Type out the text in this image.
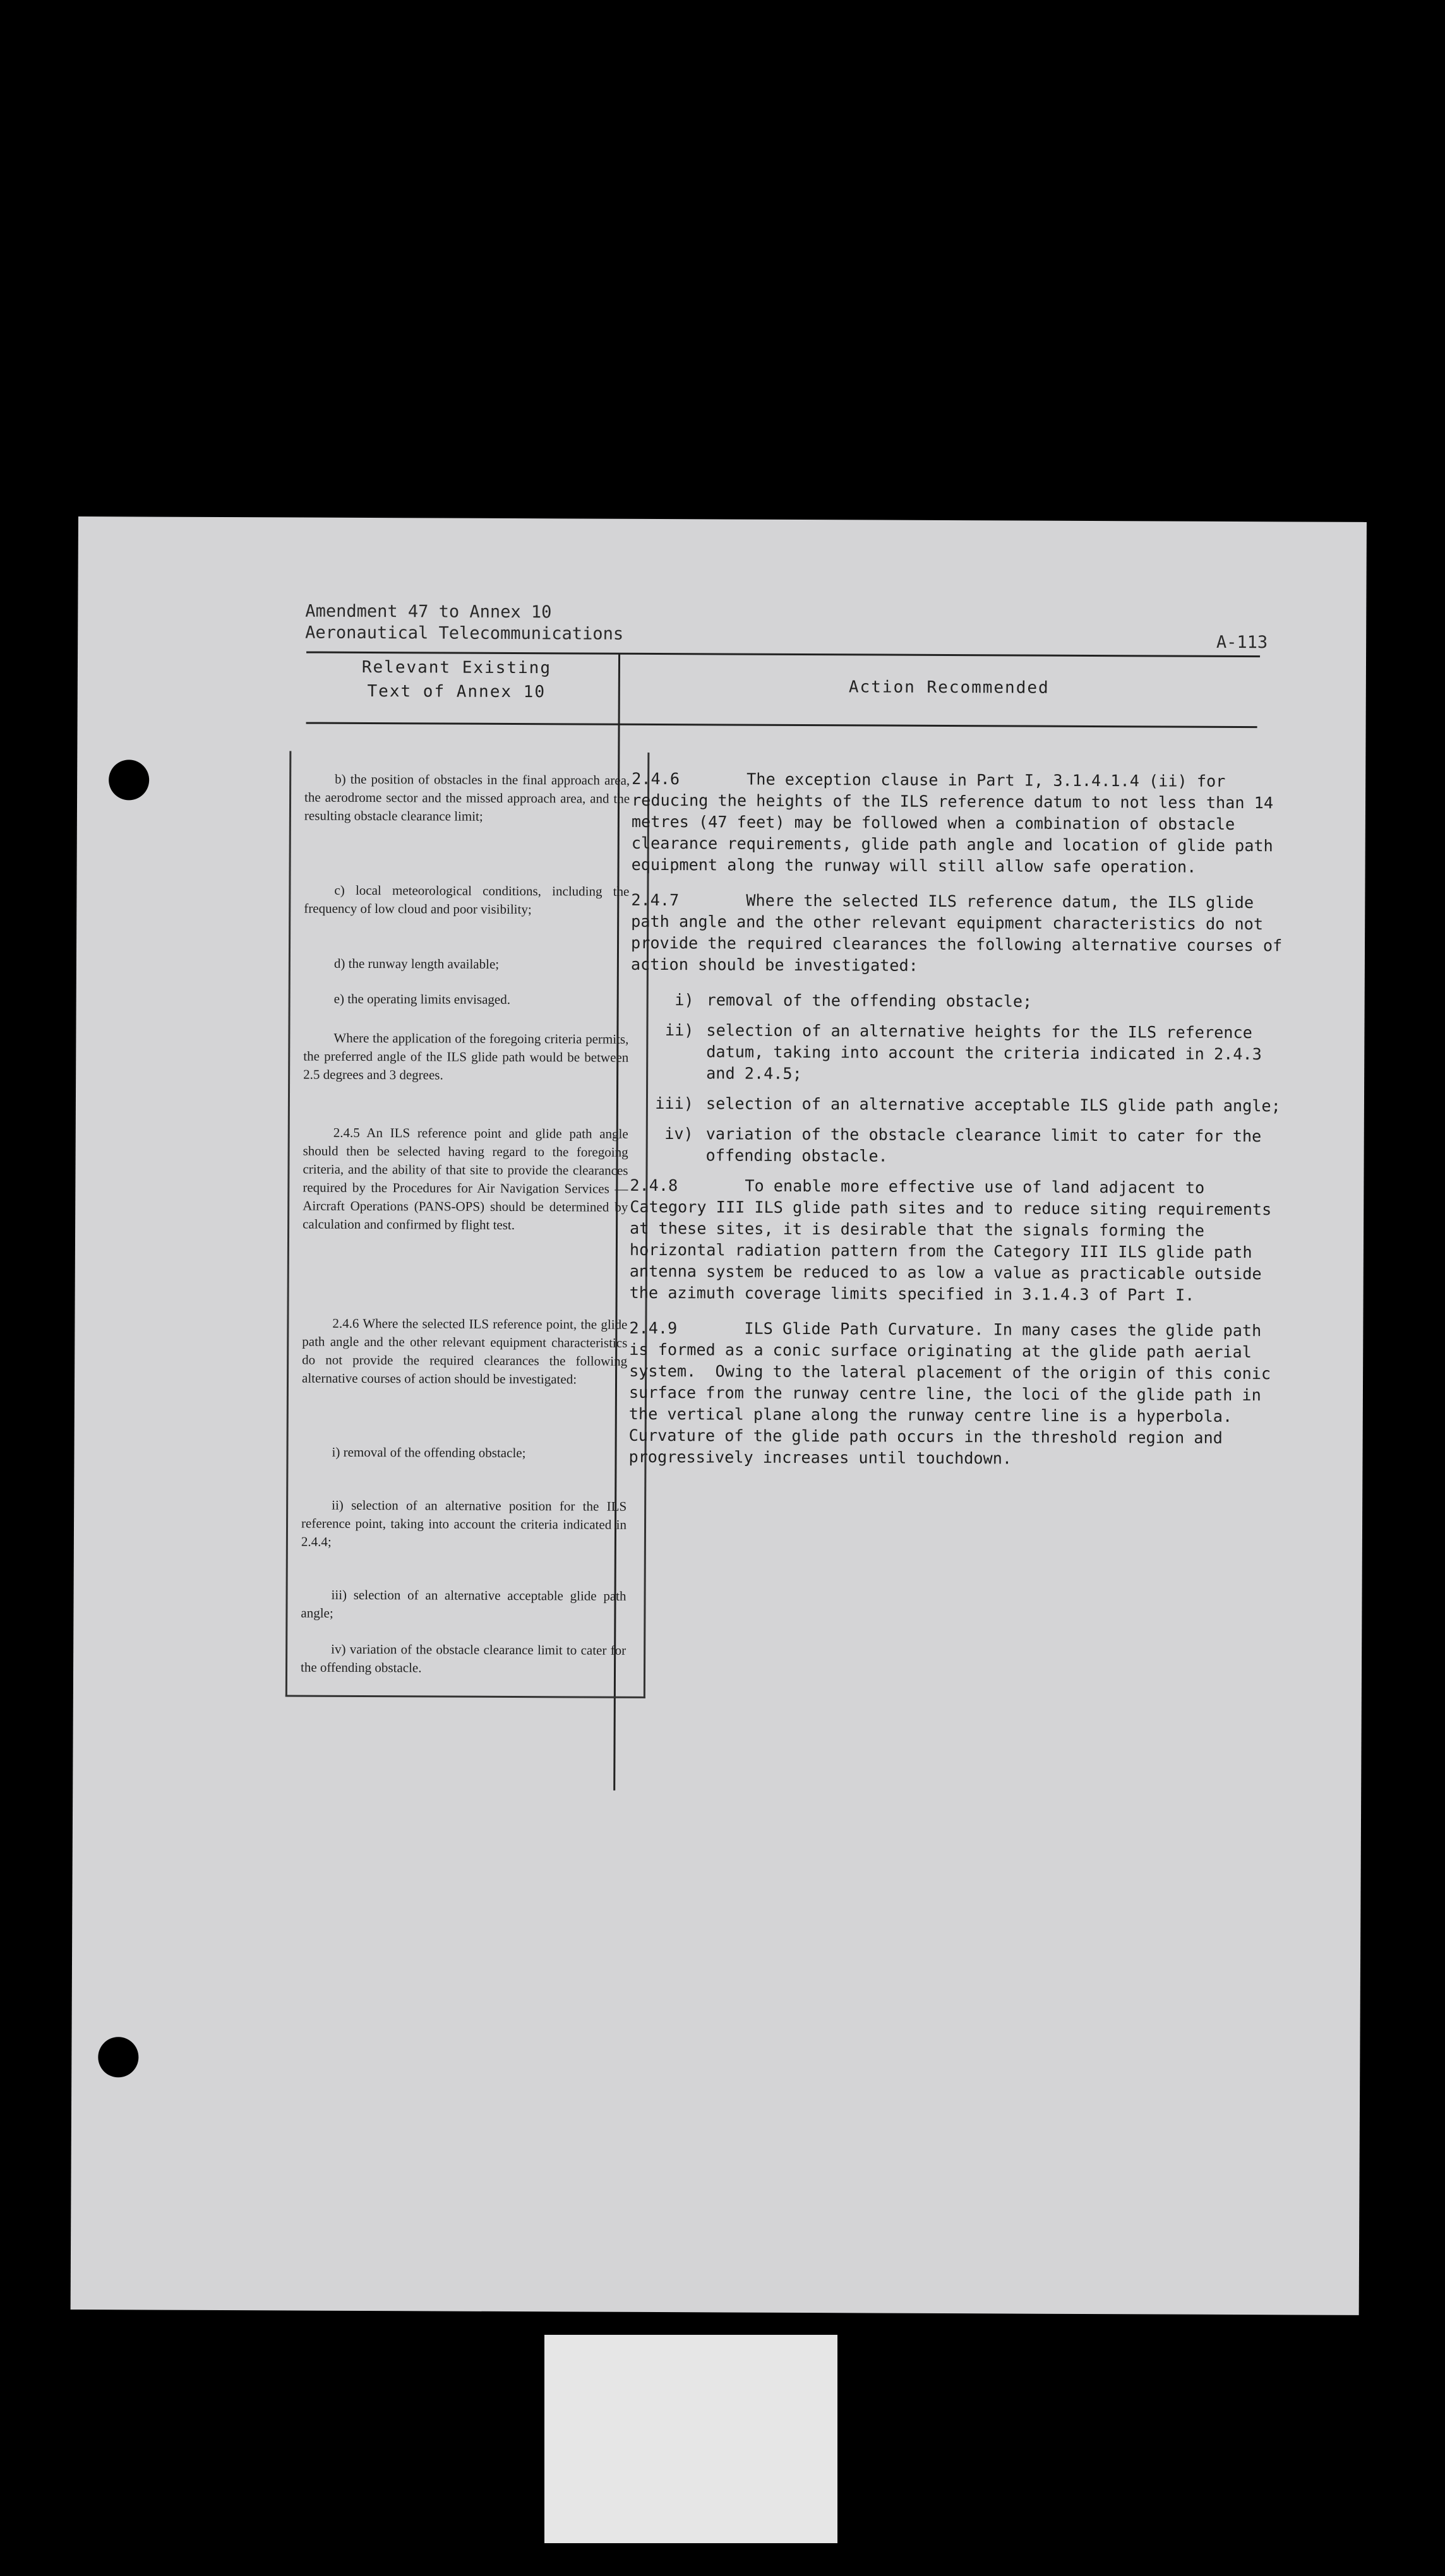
Amendment 47 to Annex 10
Aeronautical Telecommunications	A-113
Relevant Existing
Text of Annex 10	Action Recommended

b) the position of obstacles in the final approach area, the aerodrome sector and the missed approach area, and the resulting obstacle clearance limit;

c) local meteorological conditions, including the frequency of low cloud and poor visibility;

d) the runway length available;

e) the operating limits envisaged.

Where the application of the foregoing criteria permits, the preferred angle of the ILS glide path would be between 2.5 degrees and 3 degrees.

2.4.5 An ILS reference point and glide path angle should then be selected having regard to the foregoing criteria, and the ability of that site to provide the clearances required by the Procedures for Air Navigation Services — Aircraft Operations (PANS-OPS) should be determined by calculation and confirmed by flight test.

2.4.6 Where the selected ILS reference point, the glide path angle and the other relevant equipment characteristics do not provide the required clearances the following alternative courses of action should be investigated:

i) removal of the offending obstacle;

ii) selection of an alternative position for the ILS reference point, taking into account the criteria indicated in 2.4.4;

iii) selection of an alternative acceptable glide path angle;

iv) variation of the obstacle clearance limit to cater for the offending obstacle.

2.4.6       The exception clause in Part I, 3.1.4.1.4 (ii) for reducing the heights of the ILS reference datum to not less than 14 metres (47 feet) may be followed when a combination of obstacle clearance requirements, glide path angle and location of glide path equipment along the runway will still allow safe operation.

2.4.7       Where the selected ILS reference datum, the ILS glide path angle and the other relevant equipment characteristics do not provide the required clearances the following alternative courses of action should be investigated:

i) removal of the offending obstacle;
ii) selection of an alternative heights for the ILS reference datum, taking into account the criteria indicated in 2.4.3 and 2.4.5;
iii) selection of an alternative acceptable ILS glide path angle;
iv) variation of the obstacle clearance limit to cater for the offending obstacle.

2.4.8       To enable more effective use of land adjacent to Category III ILS glide path sites and to reduce siting requirements at these sites, it is desirable that the signals forming the horizontal radiation pattern from the Category III ILS glide path antenna system be reduced to as low a value as practicable outside the azimuth coverage limits specified in 3.1.4.3 of Part I.

2.4.9       ILS Glide Path Curvature. In many cases the glide path is formed as a conic surface originating at the glide path aerial system.  Owing to the lateral placement of the origin of this conic surface from the runway centre line, the loci of the glide path in the vertical plane along the runway centre line is a hyperbola.  Curvature of the glide path occurs in the threshold region and progressively increases until touchdown.
